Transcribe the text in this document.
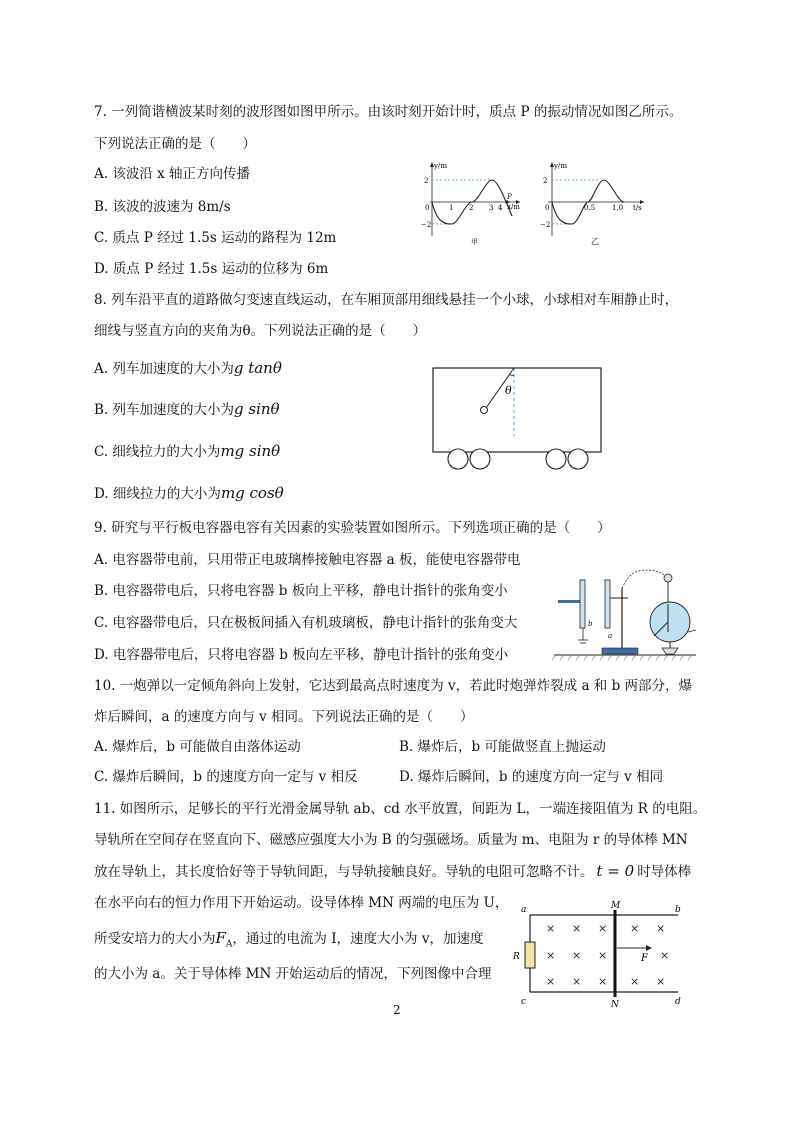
7. 一列简谐横波某时刻的波形图如图甲所示。由该时刻开始计时，质点 P 的振动情况如图乙所示。
下列说法正确的是（　　）
A. 该波沿 x 轴正方向传播
B. 该波的波速为 8m/s
C. 质点 P 经过 1.5s 运动的路程为 12m
D. 质点 P 经过 1.5s 运动的位移为 6m
y/m
x/m
2
−2
0	1 2 3 4
P
甲
y/m
t/s
2
−2
0	0.5 1.0
乙
8. 列车沿平直的道路做匀变速直线运动，在车厢顶部用细线悬挂一个小球，小球相对车厢静止时，
细线与竖直方向的夹角为θ。下列说法正确的是（　　）
A. 列车加速度的大小为g tanθ
B. 列车加速度的大小为g sinθ
C. 细线拉力的大小为mg sinθ
D. 细线拉力的大小为mg cosθ
θ
9. 研究与平行板电容器电容有关因素的实验装置如图所示。下列选项正确的是（　　）
A. 电容器带电前，只用带正电玻璃棒接触电容器 a 板，能使电容器带电
B. 电容器带电后，只将电容器 b 板向上平移，静电计指针的张角变小
C. 电容器带电后，只在极板间插入有机玻璃板，静电计指针的张角变大
D. 电容器带电后，只将电容器 b 板向左平移，静电计指针的张角变小
b
a
10. 一炮弹以一定倾角斜向上发射，它达到最高点时速度为 v，若此时炮弹炸裂成 a 和 b 两部分，爆
炸后瞬间，a 的速度方向与 v 相同。下列说法正确的是（　　）
A. 爆炸后，b 可能做自由落体运动	B. 爆炸后，b 可能做竖直上抛运动
C. 爆炸后瞬间，b 的速度方向一定与 v 相反	D. 爆炸后瞬间，b 的速度方向一定与 v 相同
11. 如图所示，足够长的平行光滑金属导轨 ab、cd 水平放置，间距为 L，一端连接阻值为 R 的电阻。
导轨所在空间存在竖直向下、磁感应强度大小为 B 的匀强磁场。质量为 m、电阻为 r 的导体棒 MN
放在导轨上，其长度恰好等于导轨间距，与导轨接触良好。导轨的电阻可忽略不计。 t = 0 时导体棒
在水平向右的恒力作用下开始运动。设导体棒 MN 两端的电压为 U，
所受安培力的大小为$F_A$，通过的电流为 I，速度大小为 v，加速度
的大小为 a。关于导体棒 MN 开始运动后的情况，下列图像中合理
R
a	b
c	d
M
N
F
× × × × ×
× × ×	×
× × × × ×
2
